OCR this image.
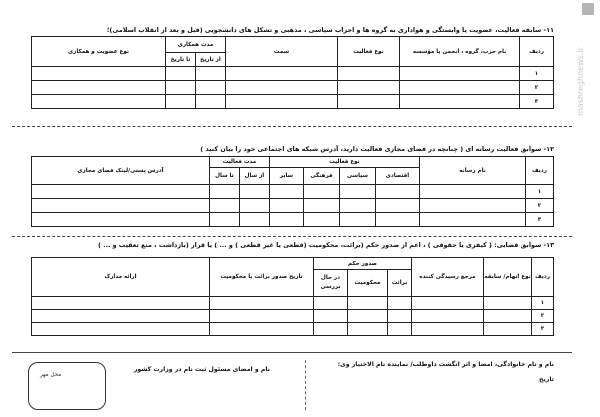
mashreghnews.ir
۱۱- سابقه فعالیت، عضویت یا وابستگی و هواداری به گروه ها و احزاب سیاسی ، مذهبی و تشکل های دانشجویی (قبل و بعد از انقلاب اسلامی)؛
ردیف	نام حزب، گروه ، انجمن یا مؤسسه	نوع فعالیت	سمت	مدت همکاری		نوع عضویت و همکاری
				از تاریخ	تا تاریخ	
۱						
۲						
۳						
۱۲- سوابق فعالیت رسانه ای ( چنانچه در فضای مجازی فعالیت دارید، آدرس شبکه های اجتماعی خود را بیان کنید )
ردیف	نام رسانه	نوع فعالیت				مدت فعالیت		آدرس پستی/لینک فضای مجازی
		اقتصادی	سیاسی	فرهنگی	سایر	از سال	تا سال	
۱								
۲								
۳								
۱۳- سوابق قضایی: ( کیفری یا حقوقی ) ، اعم از صدور حکم (برائت، محکومیت (قطعی یا غیر قطعی ) و ... ) یا قرار (بازداشت ، منع تعقیب و ... )
ردیف	نوع اتهام/ سابقه	مرجع رسیدگی کننده	صدور حکم			تاریخ صدور برائت یا محکومیت	ارائه مدارک
			برائت	محکومیت	در حال بررسی		
۱							
۲							
۳							
نام و نام خانوادگی، امضا و اثر انگشت داوطلب/ نماینده تام الاختیار وی:
تاریخ
نام و امضای مسئول ثبت نام در وزارت کشور
محل مهر
